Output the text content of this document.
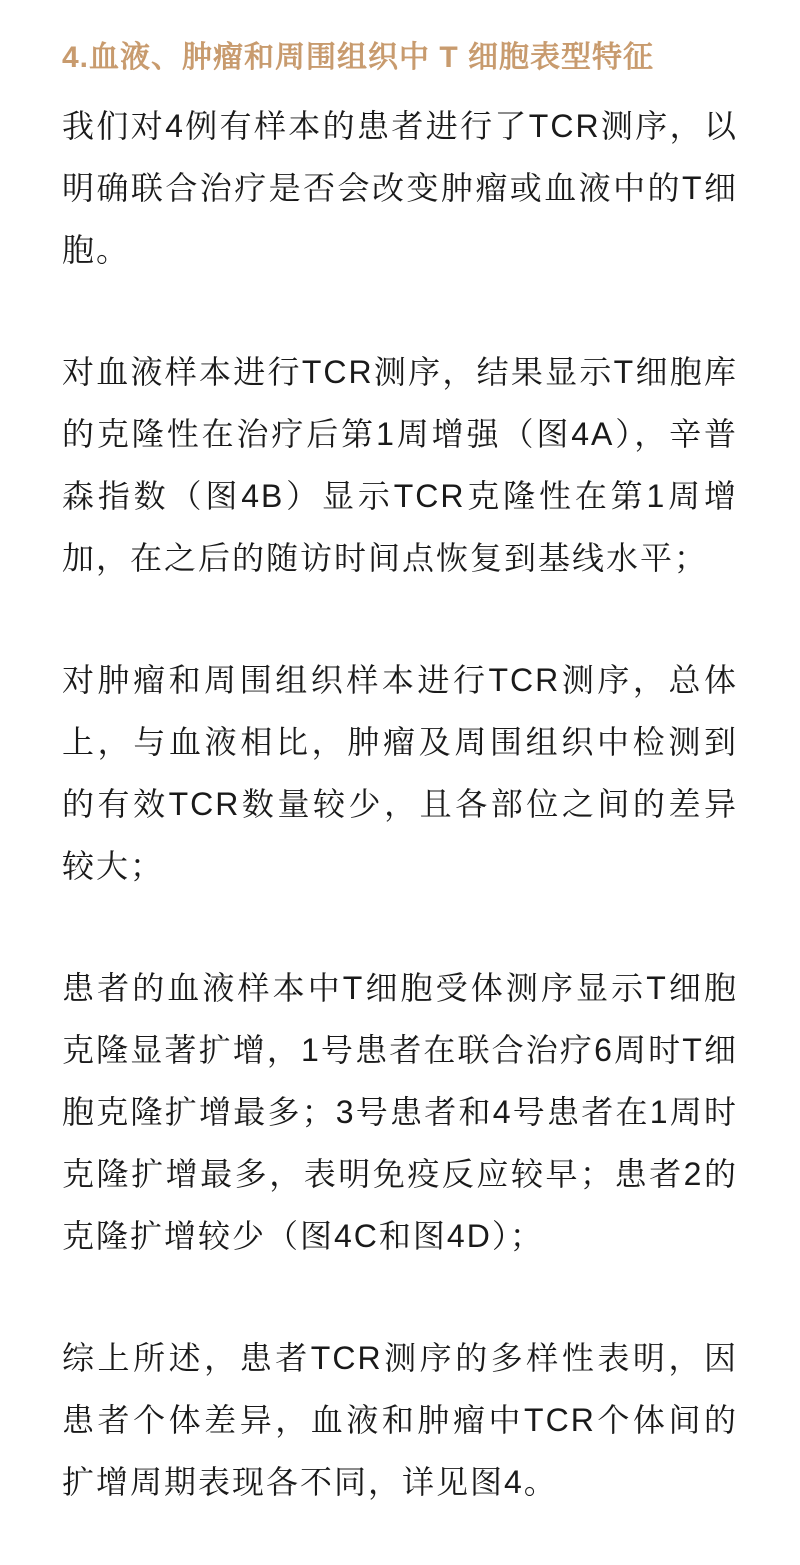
4.血液、肿瘤和周围组织中 T 细胞表型特征

我们对4例有样本的患者进行了TCR测序，以明确联合治疗是否会改变肿瘤或血液中的T细胞。

对血液样本进行TCR测序，结果显示T细胞库的克隆性在治疗后第1周增强（图4A），辛普森指数（图4B）显示TCR克隆性在第1周增加，在之后的随访时间点恢复到基线水平；

对肿瘤和周围组织样本进行TCR测序，总体上，与血液相比，肿瘤及周围组织中检测到的有效TCR数量较少，且各部位之间的差异较大；

患者的血液样本中T细胞受体测序显示T细胞克隆显著扩增，1号患者在联合治疗6周时T细胞克隆扩增最多；3号患者和4号患者在1周时克隆扩增最多，表明免疫反应较早；患者2的克隆扩增较少（图4C和图4D）；

综上所述，患者TCR测序的多样性表明，因患者个体差异，血液和肿瘤中TCR个体间的扩增周期表现各不同，详见图4。
